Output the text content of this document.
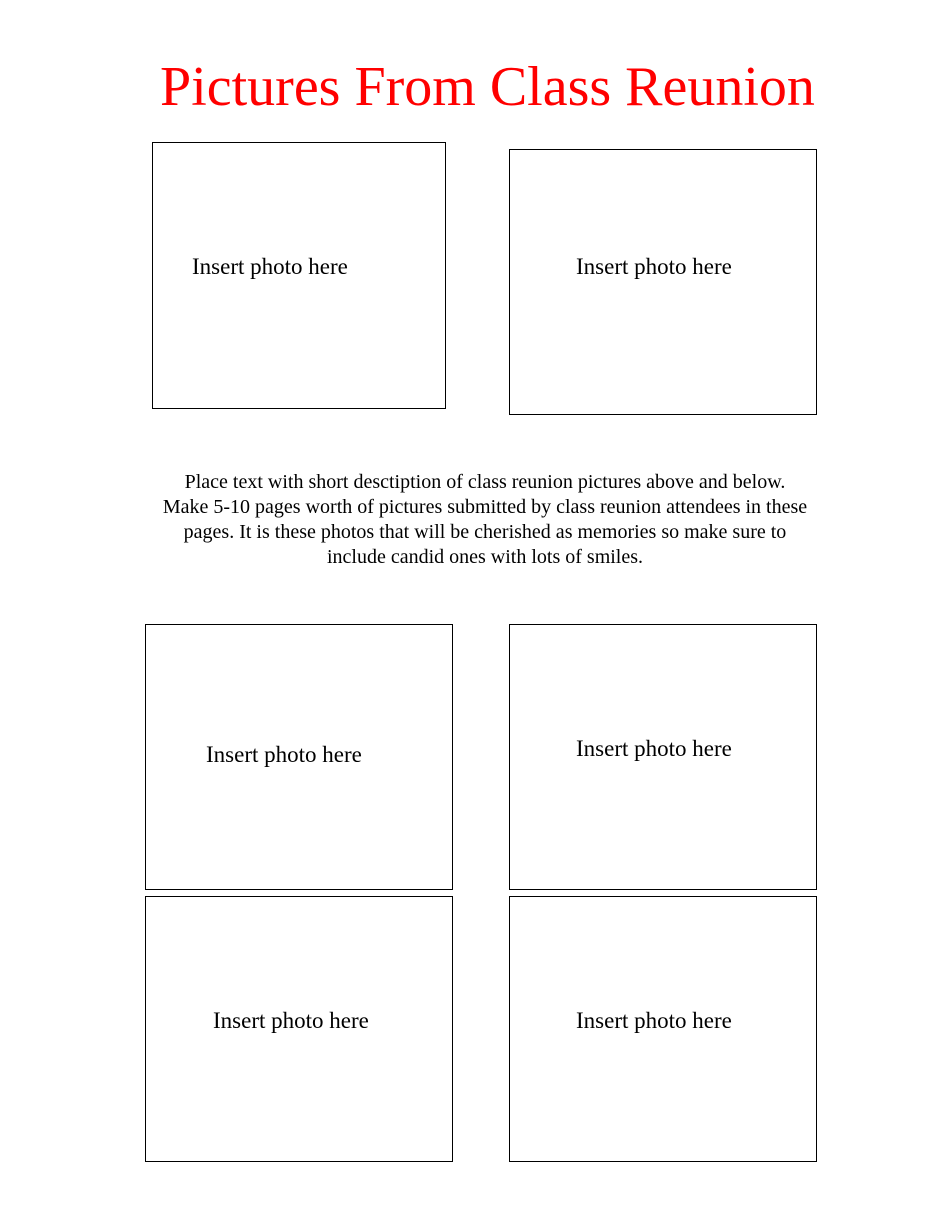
Pictures From Class Reunion
Insert photo here	Insert photo here
Place text with short desctiption of class reunion pictures above and below. Make 5-10 pages worth of pictures submitted by class reunion attendees in these pages. It is these photos that will be cherished as memories so make sure to include candid ones with lots of smiles.
Insert photo here	Insert photo here
Insert photo here	Insert photo here
